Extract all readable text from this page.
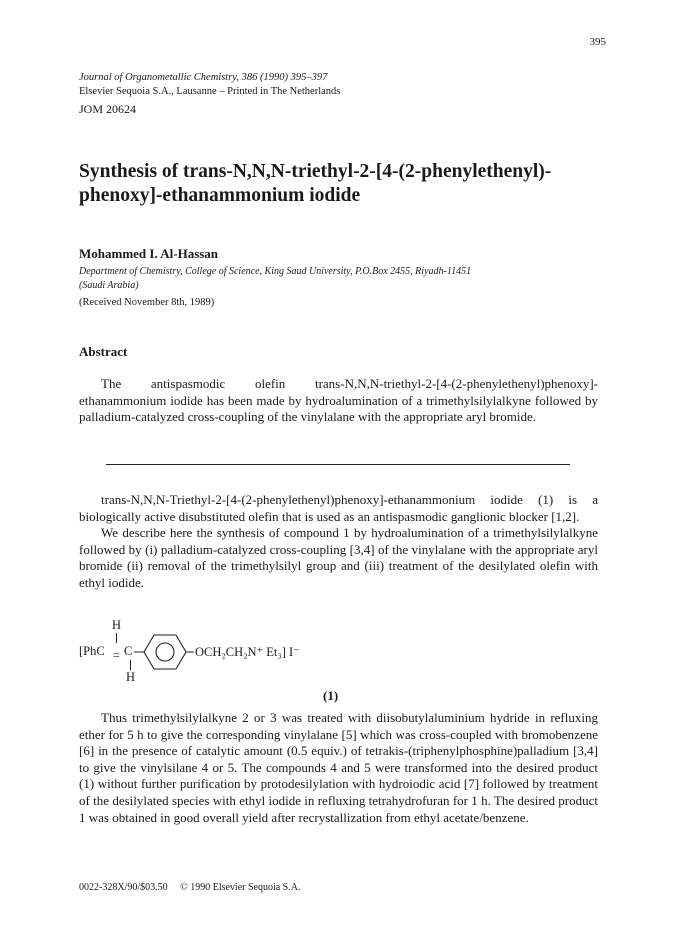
395
Journal of Organometallic Chemistry, 386 (1990) 395–397
Elsevier Sequoia S.A., Lausanne – Printed in The Netherlands
JOM 20624
Synthesis of trans-N,N,N-triethyl-2-[4-(2-phenylethenyl)-phenoxy]-ethanammonium iodide
Mohammed I. Al-Hassan
Department of Chemistry, College of Science, King Saud University, P.O.Box 2455, Riyadh-11451 (Saudi Arabia)
(Received November 8th, 1989)
Abstract
The antispasmodic olefin trans-N,N,N-triethyl-2-[4-(2-phenylethenyl)phenoxy]-ethanammonium iodide has been made by hydroalumination of a trimethylsilylalkyne followed by palladium-catalyzed cross-coupling of the vinylalane with the appropriate aryl bromide.
trans-N,N,N-Triethyl-2-[4-(2-phenylethenyl)phenoxy]-ethanammonium iodide (1) is a biologically active disubstituted olefin that is used as an antispasmodic ganglionic blocker [1,2].
We describe here the synthesis of compound 1 by hydroalumination of a trimethylsilylalkyne followed by (i) palladium-catalyzed cross-coupling [3,4] of the vinylalane with the appropriate aryl bromide (ii) removal of the trimethylsilyl group and (iii) treatment of the desilylated olefin with ethyl iodide.
H
[PhC = C	OCH₂CH₂N⁺ Et₃] I⁻
H
(1)
Thus trimethylsilylalkyne 2 or 3 was treated with diisobutylaluminium hydride in refluxing ether for 5 h to give the corresponding vinylalane [5] which was cross-coupled with bromobenzene [6] in the presence of catalytic amount (0.5 equiv.) of tetrakis-(triphenylphosphine)palladium [3,4] to give the vinylsilane 4 or 5. The compounds 4 and 5 were transformed into the desired product (1) without further purification by protodesilylation with hydroiodic acid [7] followed by treatment of the desilylated species with ethyl iodide in refluxing tetrahydrofuran for 1 h. The desired product 1 was obtained in good overall yield after recrystallization from ethyl acetate/benzene.
0022-328X/90/$03.50     © 1990 Elsevier Sequoia S.A.
